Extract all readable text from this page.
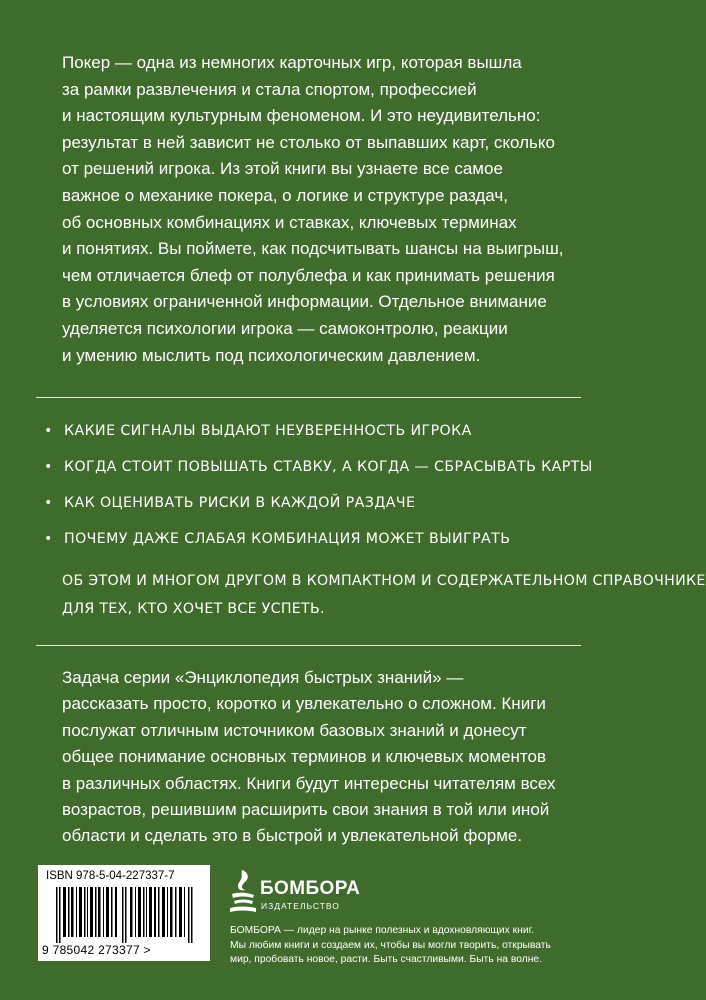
Покер — одна из немногих карточных игр, которая вышла
за рамки развлечения и стала спортом, профессией
и настоящим культурным феноменом. И это неудивительно:
результат в ней зависит не столько от выпавших карт, сколько
от решений игрока. Из этой книги вы узнаете все самое
важное о механике покера, о логике и структуре раздач,
об основных комбинациях и ставках, ключевых терминах
и понятиях. Вы поймете, как подсчитывать шансы на выигрыш,
чем отличается блеф от полублефа и как принимать решения
в условиях ограниченной информации. Отдельное внимание
уделяется психологии игрока — самоконтролю, реакции
и умению мыслить под психологическим давлением.
• КАКИЕ СИГНАЛЫ ВЫДАЮТ НЕУВЕРЕННОСТЬ ИГРОКА
• КОГДА СТОИТ ПОВЫШАТЬ СТАВКУ, А КОГДА — СБРАСЫВАТЬ КАРТЫ
• КАК ОЦЕНИВАТЬ РИСКИ В КАЖДОЙ РАЗДАЧЕ
• ПОЧЕМУ ДАЖЕ СЛАБАЯ КОМБИНАЦИЯ МОЖЕТ ВЫИГРАТЬ
ОБ ЭТОМ И МНОГОМ ДРУГОМ В КОМПАКТНОМ И СОДЕРЖАТЕЛЬНОМ СПРАВОЧНИКЕ
ДЛЯ ТЕХ, КТО ХОЧЕТ ВСЕ УСПЕТЬ.
Задача серии «Энциклопедия быстрых знаний» —
рассказать просто, коротко и увлекательно о сложном. Книги
послужат отличным источником базовых знаний и донесут
общее понимание основных терминов и ключевых моментов
в различных областях. Книги будут интересны читателям всех
возрастов, решившим расширить свои знания в той или иной
области и сделать это в быстрой и увлекательной форме.
ISBN 978-5-04-227337-7
9 785042 273377 >
БОМБОРА
ИЗДАТЕЛЬСТВО
БОМБОРА — лидер на рынке полезных и вдохновляющих книг.
Мы любим книги и создаем их, чтобы вы могли творить, открывать
мир, пробовать новое, расти. Быть счастливыми. Быть на волне.
